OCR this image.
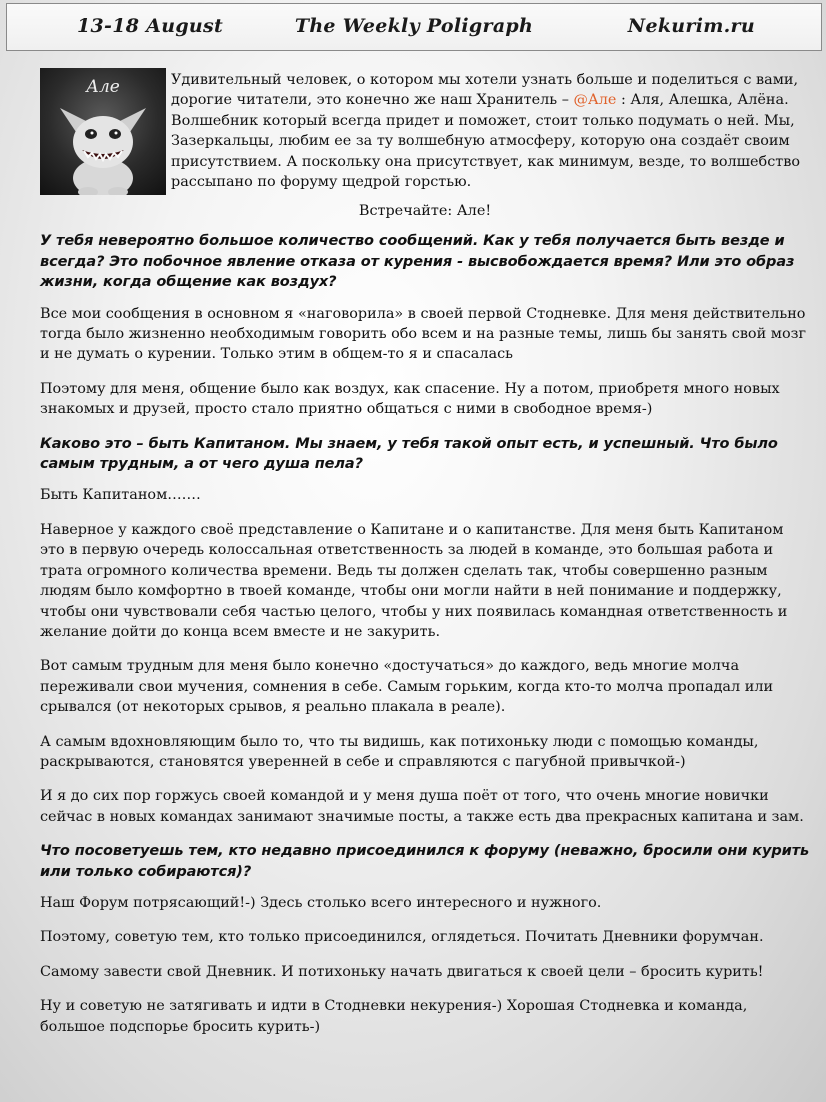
13-18 August	The Weekly Poligraph	Nekurim.ru
Але	Удивительный человек, о котором мы хотели узнать больше и поделиться с вами, дорогие читатели, это конечно же наш Хранитель – @Але : Аля, Алешка, Алёна. Волшебник который всегда придет и поможет, стоит только подумать о ней. Мы, Зазеркальцы, любим ее за ту волшебную атмосферу, которую она создаёт своим присутствием. А поскольку она присутствует, как минимум, везде, то волшебство рассыпано по форуму щедрой горстью.

Встречайте: Але!

У тебя невероятно большое количество сообщений. Как у тебя получается быть везде и всегда? Это побочное явление отказа от курения - высвобождается время? Или это образ жизни, когда общение как воздух?

Все мои сообщения в основном я «наговорила» в своей первой Стодневке. Для меня действительно тогда было жизненно необходимым говорить обо всем и на разные темы, лишь бы занять свой мозг и не думать о курении. Только этим в общем-то я и спасалась

Поэтому для меня, общение было как воздух, как спасение. Ну а потом, приобретя много новых знакомых и друзей, просто стало приятно общаться с ними в свободное время-)

Каково это – быть Капитаном. Мы знаем, у тебя такой опыт есть, и успешный. Что было самым трудным, а от чего душа пела?

Быть Капитаном…….

Наверное у каждого своё представление о Капитане и о капитанстве. Для меня быть Капитаном это в первую очередь колоссальная ответственность за людей в команде, это большая работа и трата огромного количества времени. Ведь ты должен сделать так, чтобы совершенно разным людям было комфортно в твоей команде, чтобы они могли найти в ней понимание и поддержку, чтобы они чувствовали себя частью целого, чтобы у них появилась командная ответственность и желание дойти до конца всем вместе и не закурить.

Вот самым трудным для меня было конечно «достучаться» до каждого, ведь многие молча переживали свои мучения, сомнения в себе. Самым горьким, когда кто-то молча пропадал или срывался (от некоторых срывов, я реально плакала в реале).

А самым вдохновляющим было то, что ты видишь, как потихоньку люди с помощью команды, раскрываются, становятся уверенней в себе и справляются с пагубной привычкой-)

И я до сих пор горжусь своей командой и у меня душа поёт от того, что очень многие новички сейчас в новых командах занимают значимые посты, а также есть два прекрасных капитана и зам.

Что посоветуешь тем, кто недавно присоединился к форуму (неважно, бросили они курить или только собираются)?

Наш Форум потрясающий!-) Здесь столько всего интересного и нужного.

Поэтому, советую тем, кто только присоединился, оглядеться. Почитать Дневники форумчан.

Самому завести свой Дневник. И потихоньку начать двигаться к своей цели – бросить курить!

Ну и советую не затягивать и идти в Стодневки некурения-) Хорошая Стодневка и команда, большое подспорье бросить курить-)
